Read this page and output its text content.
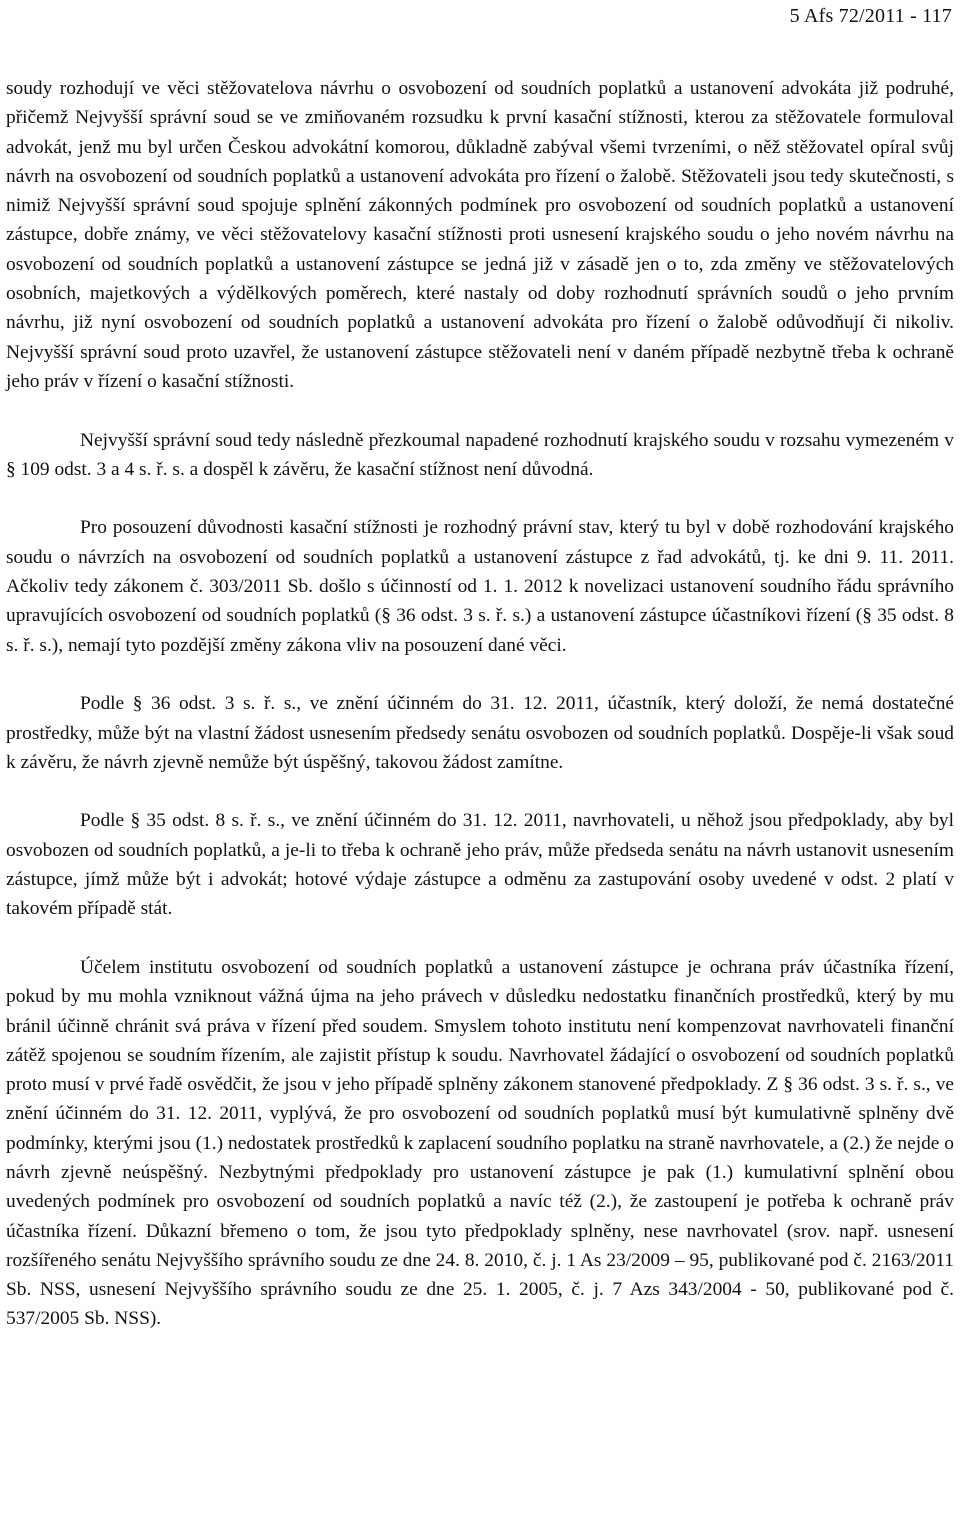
5 Afs 72/2011 - 117

soudy rozhodují ve věci stěžovatelova návrhu o osvobození od soudních poplatků a ustanovení advokáta již podruhé, přičemž Nejvyšší správní soud se ve zmiňovaném rozsudku k první kasační stížnosti, kterou za stěžovatele formuloval advokát, jenž mu byl určen Českou advokátní komorou, důkladně zabýval všemi tvrzeními, o něž stěžovatel opíral svůj návrh na osvobození od soudních poplatků a ustanovení advokáta pro řízení o žalobě. Stěžovateli jsou tedy skutečnosti, s nimiž Nejvyšší správní soud spojuje splnění zákonných podmínek pro osvobození od soudních poplatků a ustanovení zástupce, dobře známy, ve věci stěžovatelovy kasační stížnosti proti usnesení krajského soudu o jeho novém návrhu na osvobození od soudních poplatků a ustanovení zástupce se jedná již v zásadě jen o to, zda změny ve stěžovatelových osobních, majetkových a výdělkových poměrech, které nastaly od doby rozhodnutí správních soudů o jeho prvním návrhu, již nyní osvobození od soudních poplatků a ustanovení advokáta pro řízení o žalobě odůvodňují či nikoliv. Nejvyšší správní soud proto uzavřel, že ustanovení zástupce stěžovateli není v daném případě nezbytně třeba k ochraně jeho práv v řízení o kasační stížnosti.

Nejvyšší správní soud tedy následně přezkoumal napadené rozhodnutí krajského soudu v rozsahu vymezeném v § 109 odst. 3 a 4 s. ř. s. a dospěl k závěru, že kasační stížnost není důvodná.

Pro posouzení důvodnosti kasační stížnosti je rozhodný právní stav, který tu byl v době rozhodování krajského soudu o návrzích na osvobození od soudních poplatků a ustanovení zástupce z řad advokátů, tj. ke dni 9. 11. 2011. Ačkoliv tedy zákonem č. 303/2011 Sb. došlo s účinností od 1. 1. 2012 k novelizaci ustanovení soudního řádu správního upravujících osvobození od soudních poplatků (§ 36 odst. 3 s. ř. s.) a ustanovení zástupce účastníkovi řízení (§ 35 odst. 8 s. ř. s.), nemají tyto pozdější změny zákona vliv na posouzení dané věci.

Podle § 36 odst. 3 s. ř. s., ve znění účinném do 31. 12. 2011, účastník, který doloží, že nemá dostatečné prostředky, může být na vlastní žádost usnesením předsedy senátu osvobozen od soudních poplatků. Dospěje-li však soud k závěru, že návrh zjevně nemůže být úspěšný, takovou žádost zamítne.

Podle § 35 odst. 8 s. ř. s., ve znění účinném do 31. 12. 2011, navrhovateli, u něhož jsou předpoklady, aby byl osvobozen od soudních poplatků, a je-li to třeba k ochraně jeho práv, může předseda senátu na návrh ustanovit usnesením zástupce, jímž může být i advokát; hotové výdaje zástupce a odměnu za zastupování osoby uvedené v odst. 2 platí v takovém případě stát.

Účelem institutu osvobození od soudních poplatků a ustanovení zástupce je ochrana práv účastníka řízení, pokud by mu mohla vzniknout vážná újma na jeho právech v důsledku nedostatku finančních prostředků, který by mu bránil účinně chránit svá práva v řízení před soudem. Smyslem tohoto institutu není kompenzovat navrhovateli finanční zátěž spojenou se soudním řízením, ale zajistit přístup k soudu. Navrhovatel žádající o osvobození od soudních poplatků proto musí v prvé řadě osvědčit, že jsou v jeho případě splněny zákonem stanovené předpoklady. Z § 36 odst. 3 s. ř. s., ve znění účinném do 31. 12. 2011, vyplývá, že pro osvobození od soudních poplatků musí být kumulativně splněny dvě podmínky, kterými jsou (1.) nedostatek prostředků k zaplacení soudního poplatku na straně navrhovatele, a (2.) že nejde o návrh zjevně neúspěšný. Nezbytnými předpoklady pro ustanovení zástupce je pak (1.) kumulativní splnění obou uvedených podmínek pro osvobození od soudních poplatků a navíc též (2.), že zastoupení je potřeba k ochraně práv účastníka řízení. Důkazní břemeno o tom, že jsou tyto předpoklady splněny, nese navrhovatel (srov. např. usnesení rozšířeného senátu Nejvyššího správního soudu ze dne 24. 8. 2010, č. j. 1 As 23/2009 – 95, publikované pod č. 2163/2011 Sb. NSS, usnesení Nejvyššího správního soudu ze dne 25. 1. 2005, č. j. 7 Azs 343/2004 - 50, publikované pod č. 537/2005 Sb. NSS).
